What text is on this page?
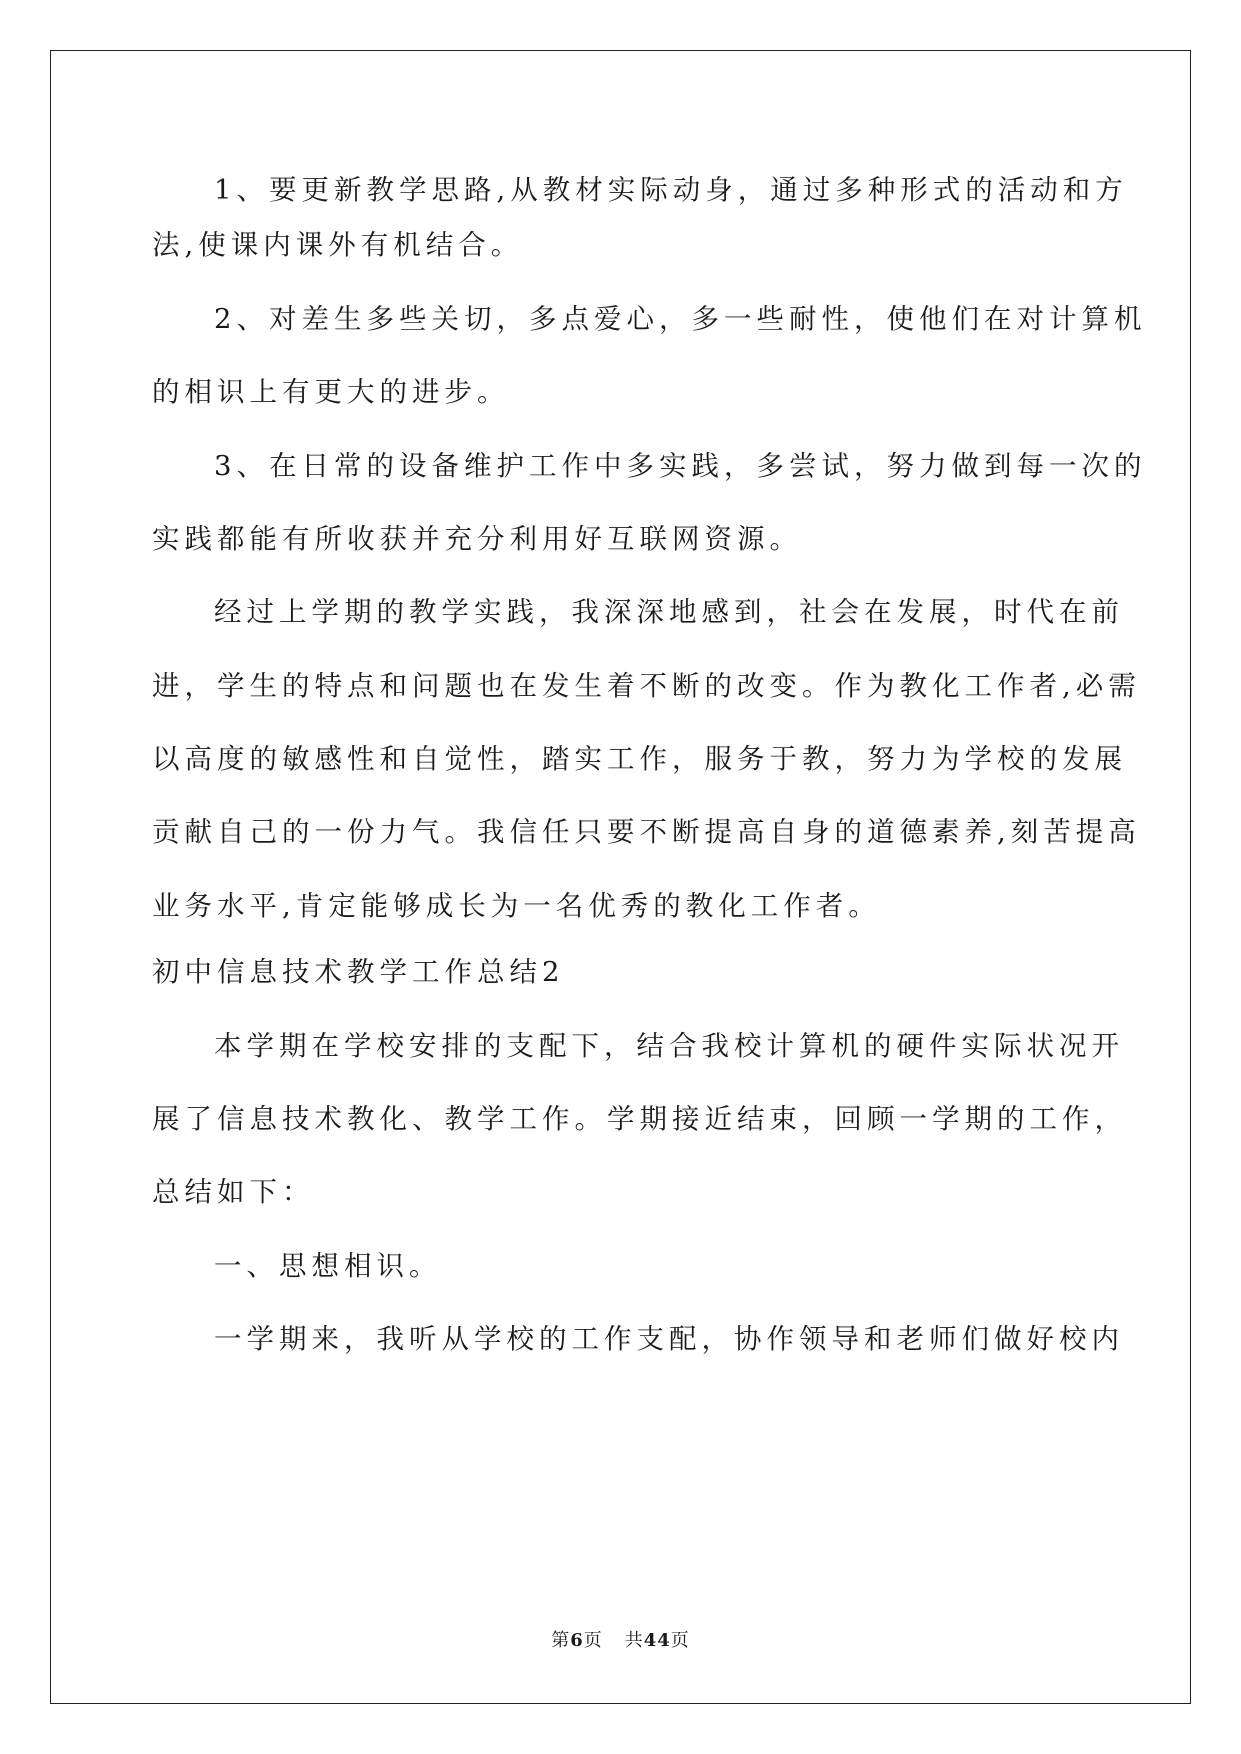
1、要更新教学思路,从教材实际动身，通过多种形式的活动和方

法,使课内课外有机结合。

2、对差生多些关切，多点爱心，多一些耐性，使他们在对计算机

的相识上有更大的进步。

3、在日常的设备维护工作中多实践，多尝试，努力做到每一次的

实践都能有所收获并充分利用好互联网资源。

经过上学期的教学实践，我深深地感到，社会在发展，时代在前

进，学生的特点和问题也在发生着不断的改变。作为教化工作者,必需

以高度的敏感性和自觉性，踏实工作，服务于教，努力为学校的发展

贡献自己的一份力气。我信任只要不断提高自身的道德素养,刻苦提高

业务水平,肯定能够成长为一名优秀的教化工作者。

初中信息技术教学工作总结2

本学期在学校安排的支配下，结合我校计算机的硬件实际状况开

展了信息技术教化、教学工作。学期接近结束，回顾一学期的工作，

总结如下：

一、思想相识。

一学期来，我听从学校的工作支配，协作领导和老师们做好校内

第6页 共44页
